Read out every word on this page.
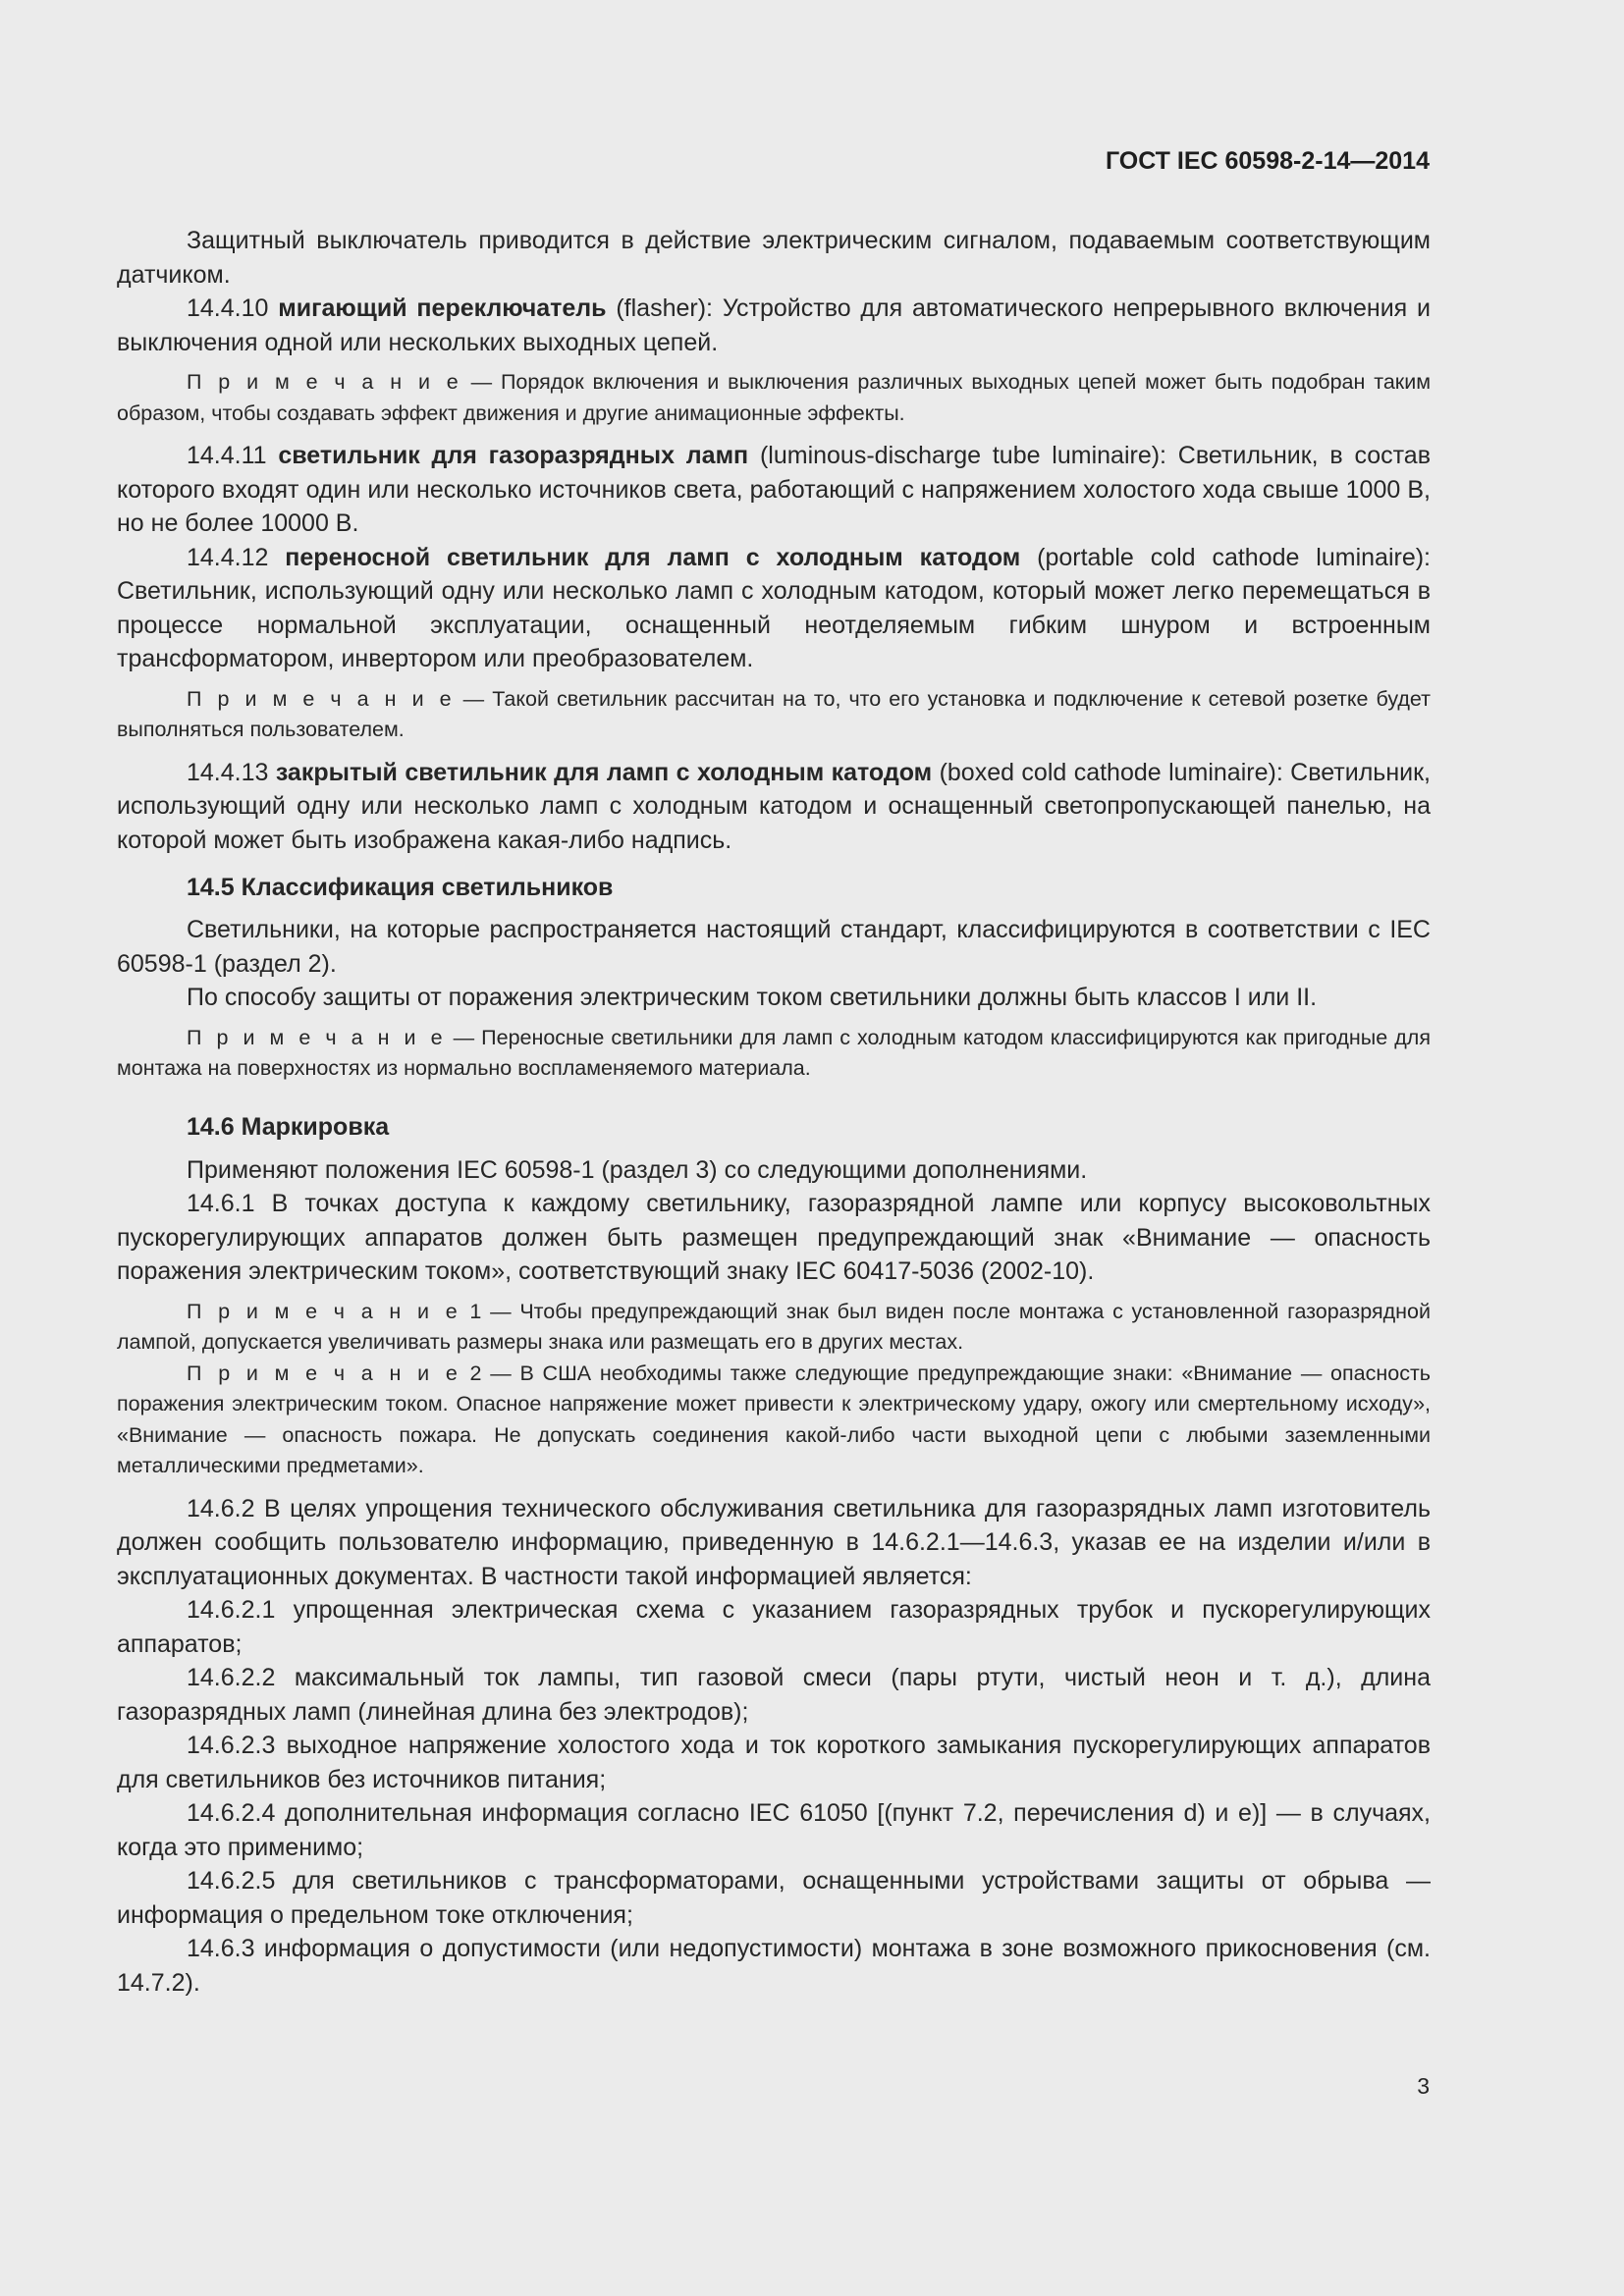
ГОСТ IEC 60598-2-14—2014

Защитный выключатель приводится в действие электрическим сигналом, подаваемым соответствующим датчиком.

14.4.10 мигающий переключатель (flasher): Устройство для автоматического непрерывного включения и выключения одной или нескольких выходных цепей.

П р и м е ч а н и е — Порядок включения и выключения различных выходных цепей может быть подобран таким образом, чтобы создавать эффект движения и другие анимационные эффекты.

14.4.11 светильник для газоразрядных ламп (luminous-discharge tube luminaire): Светильник, в состав которого входят один или несколько источников света, работающий с напряжением холостого хода свыше 1000 В, но не более 10000 В.

14.4.12 переносной светильник для ламп с холодным катодом (portable cold cathode luminaire): Светильник, использующий одну или несколько ламп с холодным катодом, который может легко перемещаться в процессе нормальной эксплуатации, оснащенный неотделяемым гибким шнуром и встроенным трансформатором, инвертором или преобразователем.

П р и м е ч а н и е — Такой светильник рассчитан на то, что его установка и подключение к сетевой розетке будет выполняться пользователем.

14.4.13 закрытый светильник для ламп с холодным катодом (boxed cold cathode luminaire): Светильник, использующий одну или несколько ламп с холодным катодом и оснащенный светопропускающей панелью, на которой может быть изображена какая-либо надпись.

14.5 Классификация светильников

Светильники, на которые распространяется настоящий стандарт, классифицируются в соответствии с IEC 60598-1 (раздел 2).

По способу защиты от поражения электрическим током светильники должны быть классов I или II.

П р и м е ч а н и е — Переносные светильники для ламп с холодным катодом классифицируются как пригодные для монтажа на поверхностях из нормально воспламеняемого материала.

14.6 Маркировка

Применяют положения IEC 60598-1 (раздел 3) со следующими дополнениями.

14.6.1 В точках доступа к каждому светильнику, газоразрядной лампе или корпусу высоковольтных пускорегулирующих аппаратов должен быть размещен предупреждающий знак «Внимание — опасность поражения электрическим током», соответствующий знаку IEC 60417-5036 (2002-10).

П р и м е ч а н и е 1 — Чтобы предупреждающий знак был виден после монтажа с установленной газоразрядной лампой, допускается увеличивать размеры знака или размещать его в других местах.

П р и м е ч а н и е 2 — В США необходимы также следующие предупреждающие знаки: «Внимание — опасность поражения электрическим током. Опасное напряжение может привести к электрическому удару, ожогу или смертельному исходу», «Внимание — опасность пожара. Не допускать соединения какой-либо части выходной цепи с любыми заземленными металлическими предметами».

14.6.2 В целях упрощения технического обслуживания светильника для газоразрядных ламп изготовитель должен сообщить пользователю информацию, приведенную в 14.6.2.1—14.6.3, указав ее на изделии и/или в эксплуатационных документах. В частности такой информацией является:

14.6.2.1 упрощенная электрическая схема с указанием газоразрядных трубок и пускорегулирующих аппаратов;

14.6.2.2 максимальный ток лампы, тип газовой смеси (пары ртути, чистый неон и т. д.), длина газоразрядных ламп (линейная длина без электродов);

14.6.2.3 выходное напряжение холостого хода и ток короткого замыкания пускорегулирующих аппаратов для светильников без источников питания;

14.6.2.4 дополнительная информация согласно IEC 61050 [(пункт 7.2, перечисления d) и е)] — в случаях, когда это применимо;

14.6.2.5 для светильников с трансформаторами, оснащенными устройствами защиты от обрыва — информация о предельном токе отключения;

14.6.3 информация о допустимости (или недопустимости) монтажа в зоне возможного прикосновения (см. 14.7.2).

3
